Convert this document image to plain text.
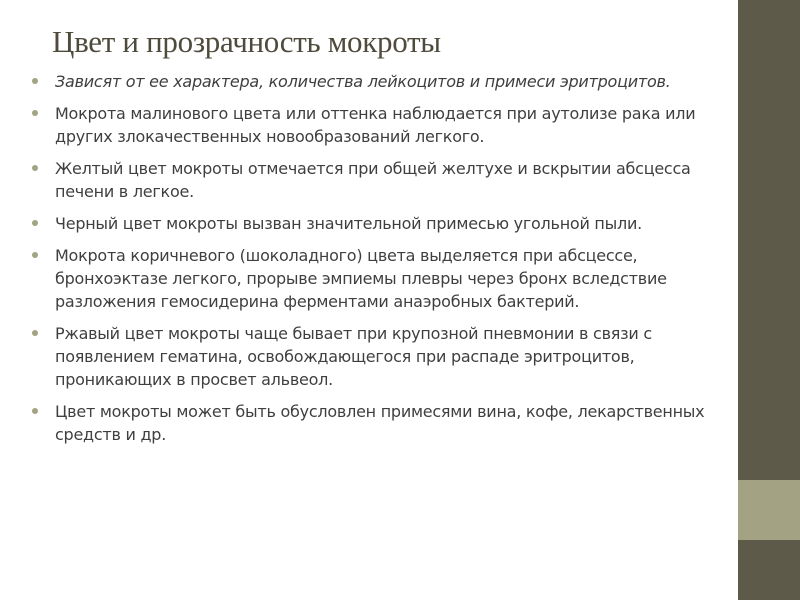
Цвет и прозрачность мокроты
Зависят от ее характера, количества лейкоцитов и примеси эритроцитов.
Мокрота малинового цвета или оттенка наблюдается при аутолизе рака или других злокачественных новообразований легкого.
Желтый цвет мокроты отмечается при общей желтухе и вскрытии абсцесса печени в легкое.
Черный цвет мокроты вызван значительной примесью угольной пыли.
Мокрота коричневого (шоколадного) цвета выделяется при абсцессе, бронхоэктазе легкого, прорыве эмпиемы плевры через бронх вследствие разложения гемосидерина ферментами анаэробных бактерий.
Ржавый цвет мокроты чаще бывает при крупозной пневмонии в связи с появлением гематина, освобождающегося при распаде эритроцитов, проникающих в просвет альвеол.
Цвет мокроты может быть обусловлен примесями вина, кофе, лекарственных средств и др.
